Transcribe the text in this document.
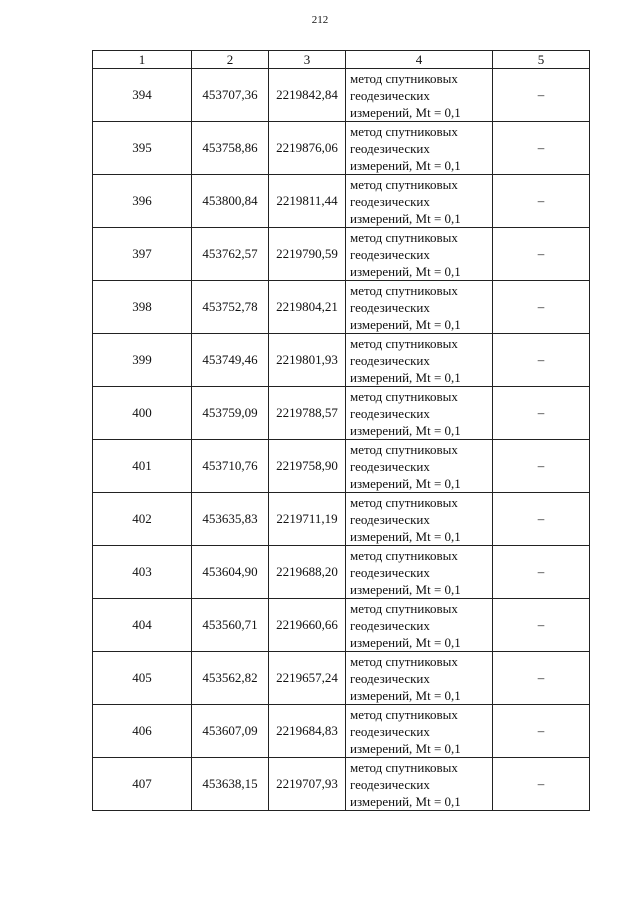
212
1	2	3	4	5
394	453707,36	2219842,84	метод спутниковых
геодезических
измерений, Mt = 0,1	–
395	453758,86	2219876,06	метод спутниковых
геодезических
измерений, Mt = 0,1	–
396	453800,84	2219811,44	метод спутниковых
геодезических
измерений, Mt = 0,1	–
397	453762,57	2219790,59	метод спутниковых
геодезических
измерений, Mt = 0,1	–
398	453752,78	2219804,21	метод спутниковых
геодезических
измерений, Mt = 0,1	–
399	453749,46	2219801,93	метод спутниковых
геодезических
измерений, Mt = 0,1	–
400	453759,09	2219788,57	метод спутниковых
геодезических
измерений, Mt = 0,1	–
401	453710,76	2219758,90	метод спутниковых
геодезических
измерений, Mt = 0,1	–
402	453635,83	2219711,19	метод спутниковых
геодезических
измерений, Mt = 0,1	–
403	453604,90	2219688,20	метод спутниковых
геодезических
измерений, Mt = 0,1	–
404	453560,71	2219660,66	метод спутниковых
геодезических
измерений, Mt = 0,1	–
405	453562,82	2219657,24	метод спутниковых
геодезических
измерений, Mt = 0,1	–
406	453607,09	2219684,83	метод спутниковых
геодезических
измерений, Mt = 0,1	–
407	453638,15	2219707,93	метод спутниковых
геодезических
измерений, Mt = 0,1	–
